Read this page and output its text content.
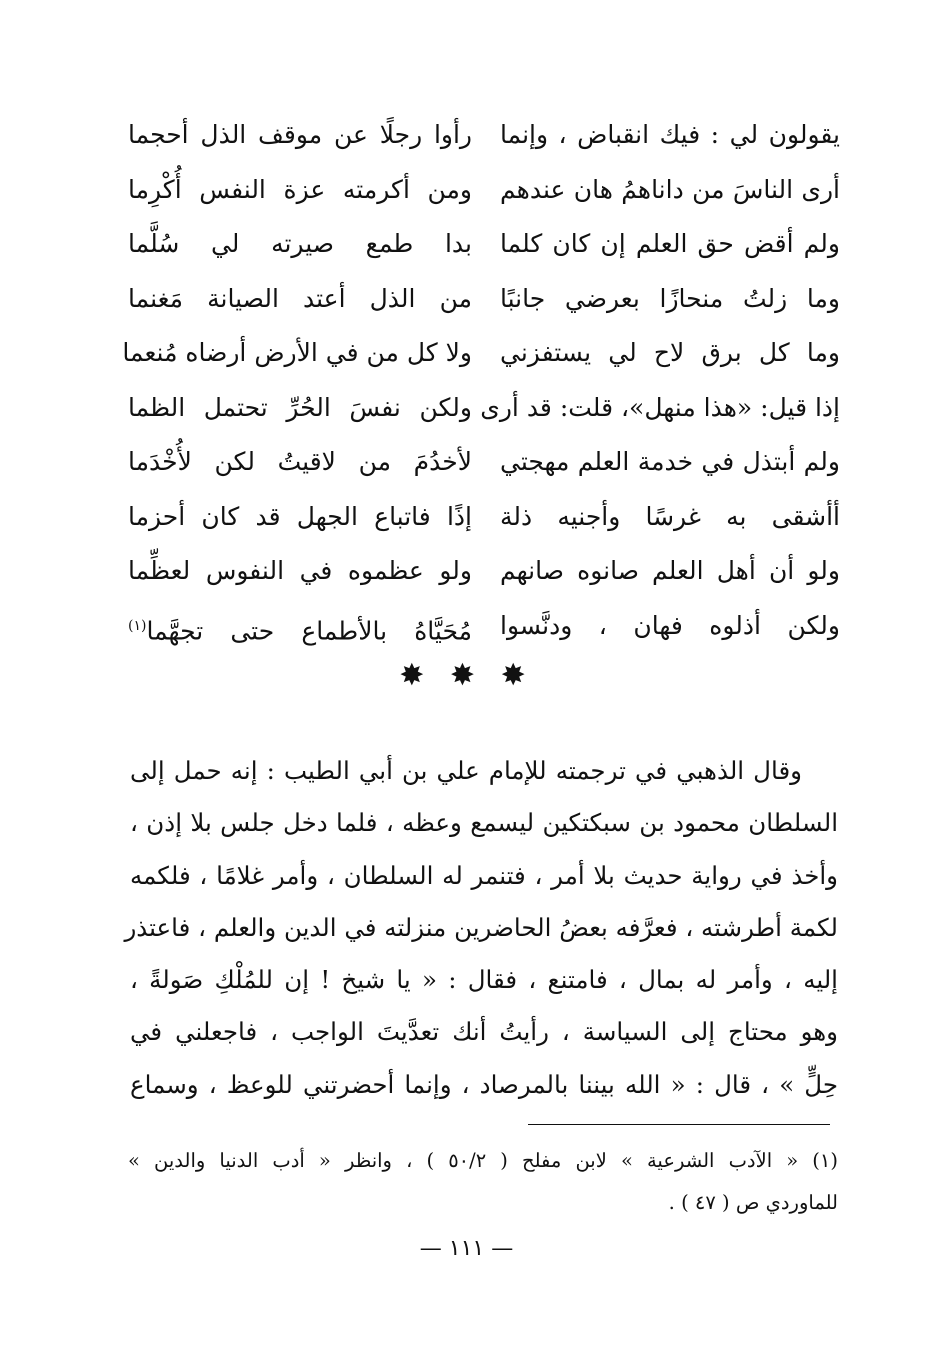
رأوا رجلًا عن موقف الذل أحجما
ومن أكرمته عزة النفس أُكْرِما
بدا طمع صيرته لي سُلَّما
من الذل أعتد الصيانة مَغنما
ولا كل من في الأرض أرضاه مُنعما
ولكن نفسَ الحُرِّ تحتمل الظما
لأخدُمَ من لاقيتُ لكن لأُخْدَما
إذًا فاتباع الجهل قد كان أحزما
ولو عظموه في النفوس لعظِّما
مُحَيَّاهُ بالأطماع حتى تجهَّما$^{(١)}$
يقولون لي : فيك انقباض ، وإنما
أرى الناسَ من داناهمُ هان عندهم
ولم أقض حق العلم إن كان كلما
وما زلتُ منحازًا بعرضي جانبًا
وما كل برق لاح لي يستفزني
إذا قيل: «هذا منهل»، قلت: قد أرى
ولم أبتذل في خدمة العلم مهجتي
أأشقى به غرسًا وأجنيه ذلة
ولو أن أهل العلم صانوه صانهم
ولكن أذلوه فهان ، ودنَّسوا
✸ ✸ ✸
وقال الذهبي في ترجمته للإمام علي بن أبي الطيب : إنه حمل إلى
السلطان محمود بن سبكتكين ليسمع وعظه ، فلما دخل جلس بلا إذن ،
وأخذ في رواية حديث بلا أمر ، فتنمر له السلطان ، وأمر غلامًا ، فلكمه
لكمة أطرشته ، فعرَّفه بعضُ الحاضرين منزلته في الدين والعلم ، فاعتذر
إليه ، وأمر له بمال ، فامتنع ، فقال : « يا شيخ ! إن للمُلْكِ صَولةً ،
وهو محتاج إلى السياسة ، رأيتُ أنك تعدَّيتَ الواجب ، فاجعلني في
حِلٍّ » ، قال : « الله بيننا بالمرصاد ، وإنما أحضرتني للوعظ ، وسماع
(١) « الآدب الشرعية » لابن مفلح ( ٥٠/٢ ) ، وانظر « أدب الدنيا والدين »
للماوردي ص ( ٤٧ ) .
— ١١١ —
